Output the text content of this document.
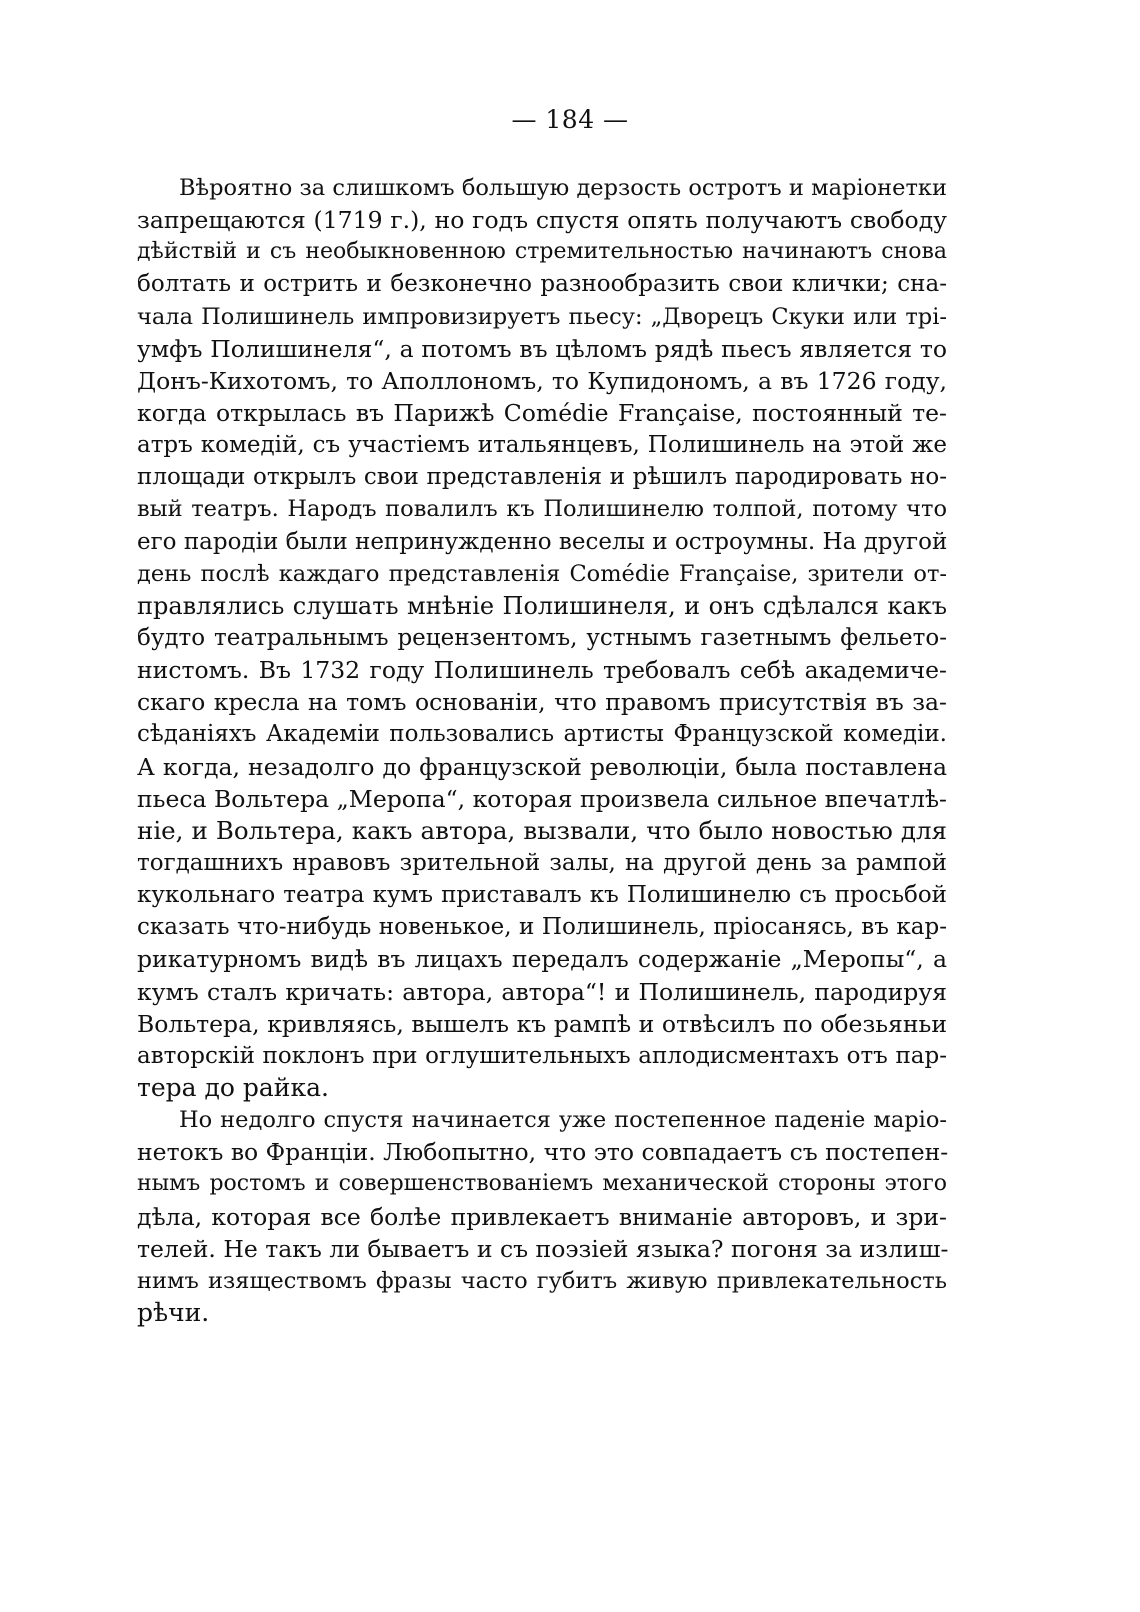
— 184 —
Вѣроятно за слишкомъ большую дерзость остротъ и маріонетки
запрещаются (1719 г.), но годъ спустя опять получаютъ свободу
дѣйствій и съ необыкновенною стремительностью начинаютъ снова
болтать и острить и безконечно разнообразить свои клички; сна-
чала Полишинель импровизируетъ пьесу: „Дворецъ Скуки или трі-
умфъ Полишинеля“, а потомъ въ цѣломъ рядѣ пьесъ является то
Донъ-Кихотомъ, то Аполлономъ, то Купидономъ, а въ 1726 году,
когда открылась въ Парижѣ Comédie Française, постоянный те-
атръ комедій, съ участіемъ итальянцевъ, Полишинель на этой же
площади открылъ свои представленія и рѣшилъ пародировать но-
вый театръ. Народъ повалилъ къ Полишинелю толпой, потому что
его пародіи были непринужденно веселы и остроумны. На другой
день послѣ каждаго представленія Comédie Française, зрители от-
правлялись слушать мнѣніе Полишинеля, и онъ сдѣлался какъ
будто театральнымъ рецензентомъ, устнымъ газетнымъ фельето-
нистомъ. Въ 1732 году Полишинель требовалъ себѣ академиче-
скаго кресла на томъ основаніи, что правомъ присутствія въ за-
сѣданіяхъ Академіи пользовались артисты Французской комедіи.
А когда, незадолго до французской революціи, была поставлена
пьеса Вольтера „Меропа“, которая произвела сильное впечатлѣ-
ніе, и Вольтера, какъ автора, вызвали, что было новостью для
тогдашнихъ нравовъ зрительной залы, на другой день за рампой
кукольнаго театра кумъ приставалъ къ Полишинелю съ просьбой
сказать что-нибудь новенькое, и Полишинель, пріосанясь, въ кар-
рикатурномъ видѣ въ лицахъ передалъ содержаніе „Меропы“, а
кумъ сталъ кричать: автора, автора“! и Полишинель, пародируя
Вольтера, кривляясь, вышелъ къ рампѣ и отвѣсилъ по обезьяньи
авторскій поклонъ при оглушительныхъ аплодисментахъ отъ пар-
тера до райка.
Но недолго спустя начинается уже постепенное паденіе маріо-
нетокъ во Франціи. Любопытно, что это совпадаетъ съ постепен-
нымъ ростомъ и совершенствованіемъ механической стороны этого
дѣла, которая все болѣе привлекаетъ вниманіе авторовъ, и зри-
телей. Не такъ ли бываетъ и съ поэзіей языка? погоня за излиш-
нимъ изяществомъ фразы часто губитъ живую привлекательность
рѣчи.
